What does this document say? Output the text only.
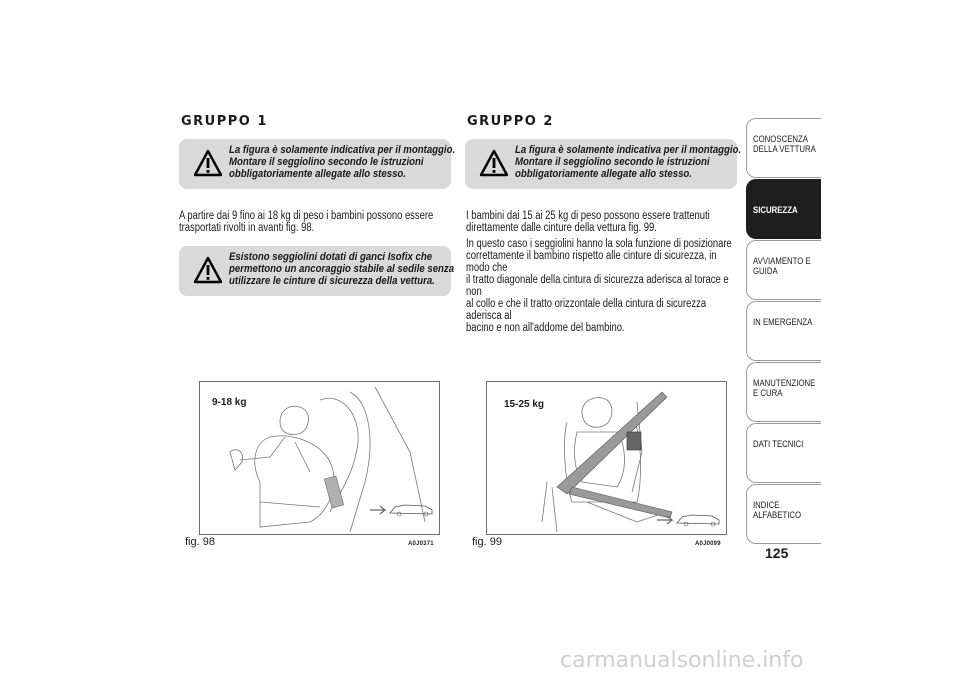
GRUPPO 1
La figura è solamente indicativa per il montaggio.
Montare il seggiolino secondo le istruzioni
obbligatoriamente allegate allo stesso.
A partire dai 9 fino ai 18 kg di peso i bambini possono essere
trasportati rivolti in avanti fig. 98.
Esistono seggiolini dotati di ganci Isofix che
permettono un ancoraggio stabile al sedile senza
utilizzare le cinture di sicurezza della vettura.
9-18 kg
fig. 98	A0J0371
GRUPPO 2
La figura è solamente indicativa per il montaggio.
Montare il seggiolino secondo le istruzioni
obbligatoriamente allegate allo stesso.
I bambini dai 15 ai 25 kg di peso possono essere trattenuti
direttamente dalle cinture della vettura fig. 99.
In questo caso i seggiolini hanno la sola funzione di posizionare
correttamente il bambino rispetto alle cinture di sicurezza, in modo che
il tratto diagonale della cintura di sicurezza aderisca al torace e non
al collo e che il tratto orizzontale della cintura di sicurezza aderisca al
bacino e non all'addome del bambino.
15-25 kg
fig. 99	A0J0099
CONOSCENZA DELLA VETTURA
SICUREZZA
AVVIAMENTO E GUIDA
IN EMERGENZA
MANUTENZIONE E CURA
DATI TECNICI
INDICE ALFABETICO
125
carmanualsonline.info
